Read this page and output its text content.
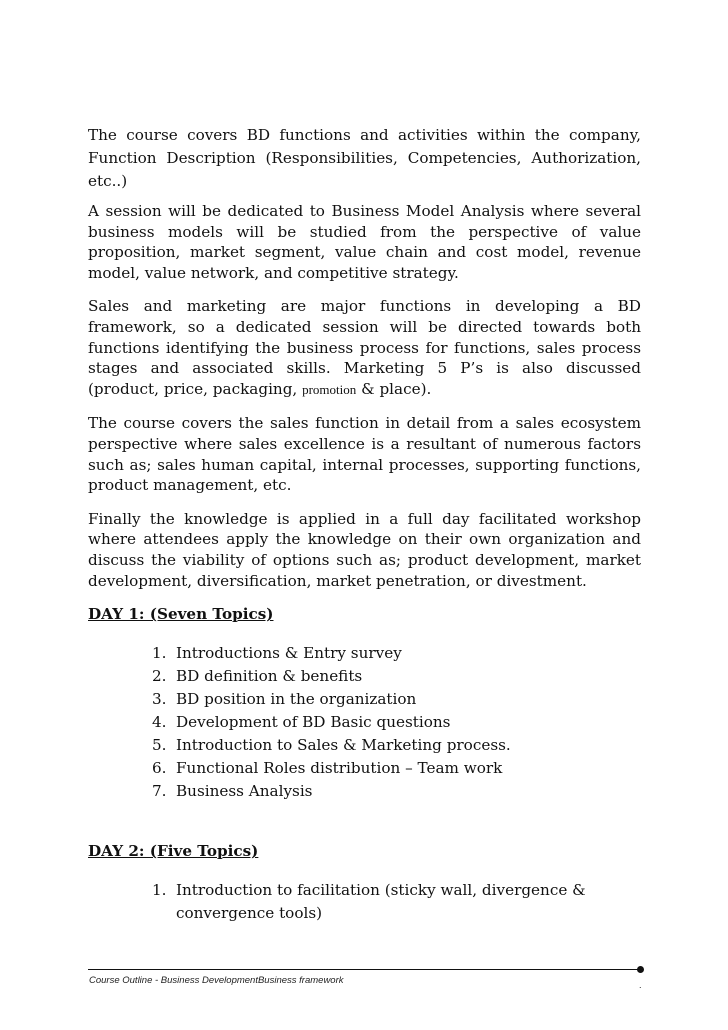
The course covers BD functions and activities within the company, Function Description (Responsibilities, Competencies, Authorization, etc..)

A session will be dedicated to Business Model Analysis where several business models will be studied from the perspective of value proposition, market segment, value chain and cost model, revenue model, value network, and competitive strategy.

Sales and marketing are major functions in developing a BD framework, so a dedicated session will be directed towards both functions identifying the business process for functions, sales process stages and associated skills. Marketing 5 P’s is also discussed (product, price, packaging, promotion & place).

The course covers the sales function in detail from a sales ecosystem perspective where sales excellence is a resultant of numerous factors such as; sales human capital, internal processes, supporting functions, product management, etc.

Finally the knowledge is applied in a full day facilitated workshop where attendees apply the knowledge on their own organization and discuss the viability of options such as; product development, market development, diversification, market penetration, or divestment.

DAY 1: (Seven Topics)
1. Introductions & Entry survey
2. BD definition & benefits
3. BD position in the organization
4. Development of BD Basic questions
5. Introduction to Sales & Marketing process.
6. Functional Roles distribution – Team work
7. Business Analysis
DAY 2: (Five Topics)
1. Introduction to facilitation (sticky wall, divergence &
convergence tools)
Course Outline - Business DevelopmentBusiness framework	.
